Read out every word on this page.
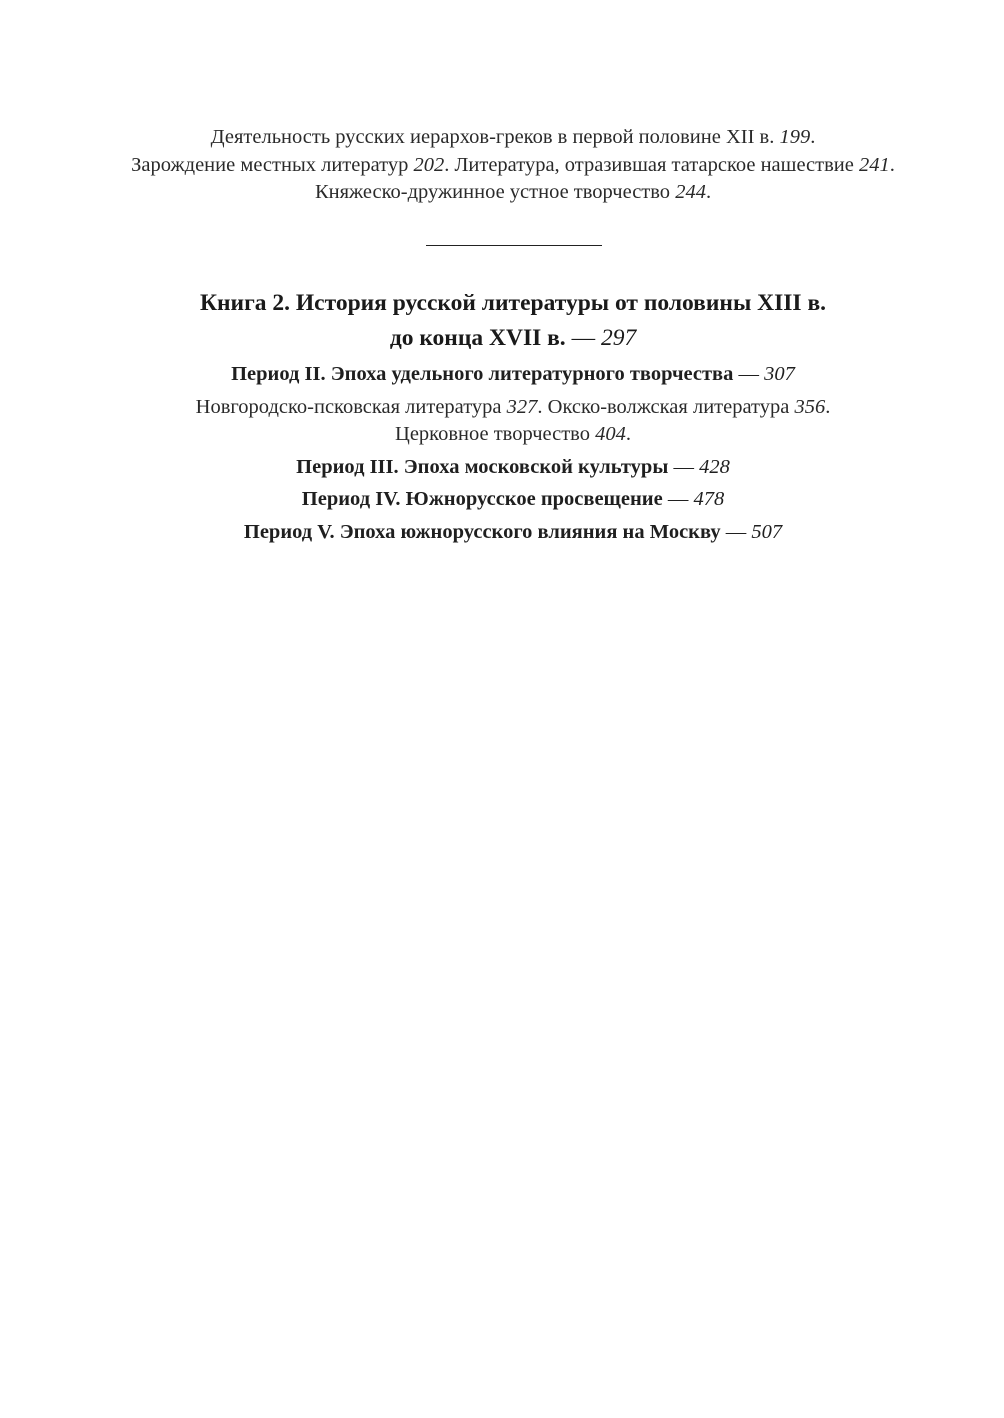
Деятельность русских иерархов-греков в первой половине XII в. 199.
Зарождение местных литератур 202. Литература, отразившая татарское нашествие 241. Княжеско-дружинное устное творчество 244.
Книга 2. История русской литературы от половины XIII в.
до конца XVII в. — 297
Период II. Эпоха удельного литературного творчества — 307
Новгородско-псковская литература 327. Окско-волжская литература 356.
Церковное творчество 404.
Период III. Эпоха московской культуры — 428
Период IV. Южнорусское просвещение — 478
Период V. Эпоха южнорусского влияния на Москву — 507
